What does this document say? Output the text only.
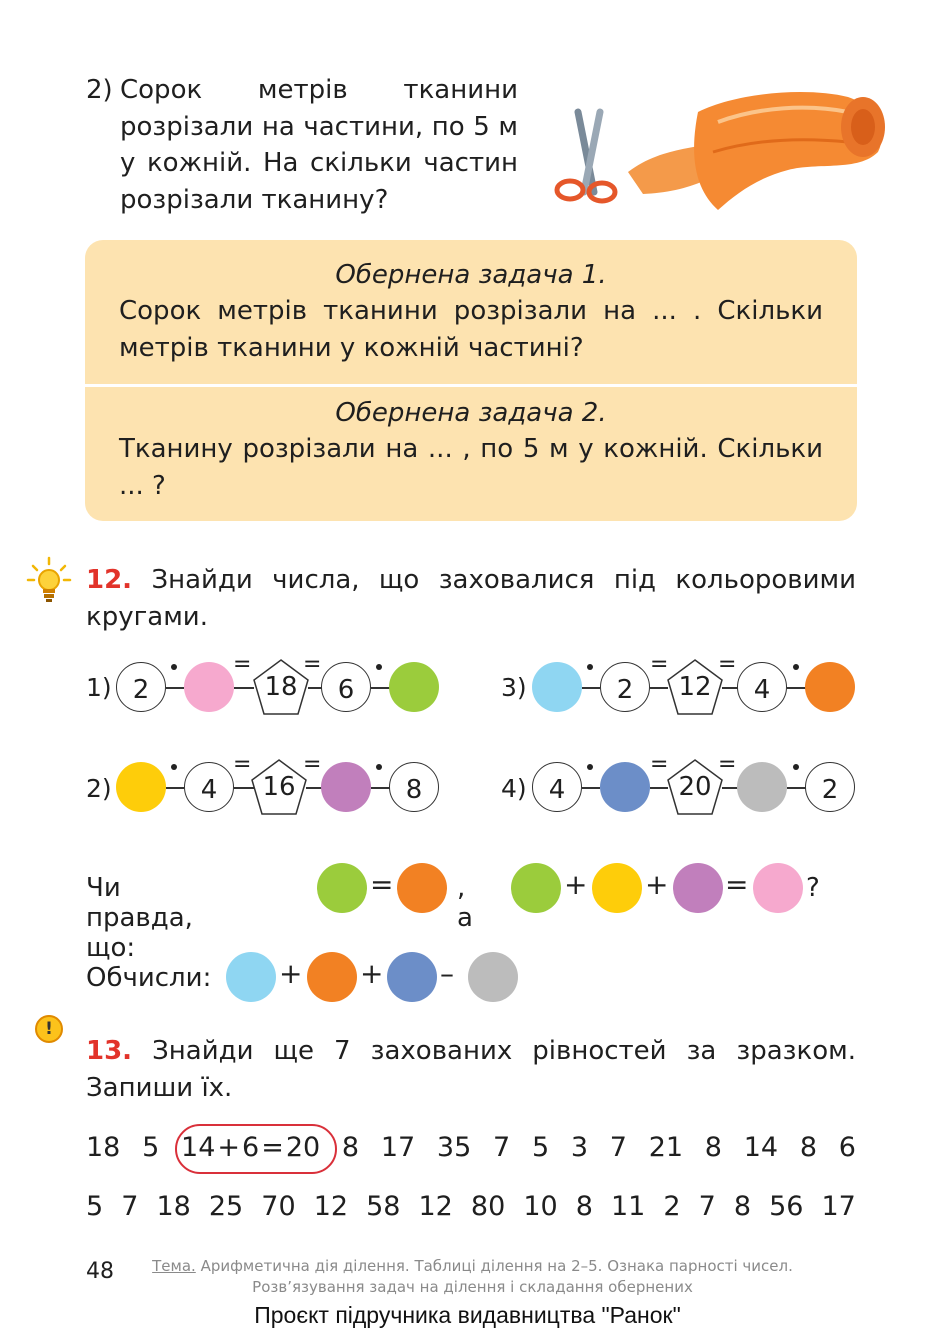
2) Сорок метрів тканини розрізали на частини, по 5 м у кожній. На скільки частин розрізали тканину?

Обернена задача 1.
Сорок метрів тканини розрізали на ... . Скільки метрів тканини у кожній частині?
Обернена задача 2.
Тканину розрізали на ... , по 5 м у кожній. Скільки ... ?
12. Знайди числа, що заховалися під кольоровими кругами.
1) 2
=
18
=
6	3)	2
=
12
=
4
2)	4
=
16
=
8	4) 4
=
20
=
2
Чи правда, що:
= , а
+ + = ?
Обчисли: + + –
!
13. Знайди ще 7 захованих рівностей за зразком. Запиши їх.
18 5 14 + 6 = 20 8 17 35 7 5 3 7 21 8 14 8 6
5 7 18 25 70 12 58 12 80 10 8 11 2 7 8 56 17
48	Тема. Арифметична дія ділення. Таблиці ділення на 2–5. Ознака парності чисел. Розв’язування задач на ділення і складання обернених
Проєкт підручника видавництва "Ранок"
